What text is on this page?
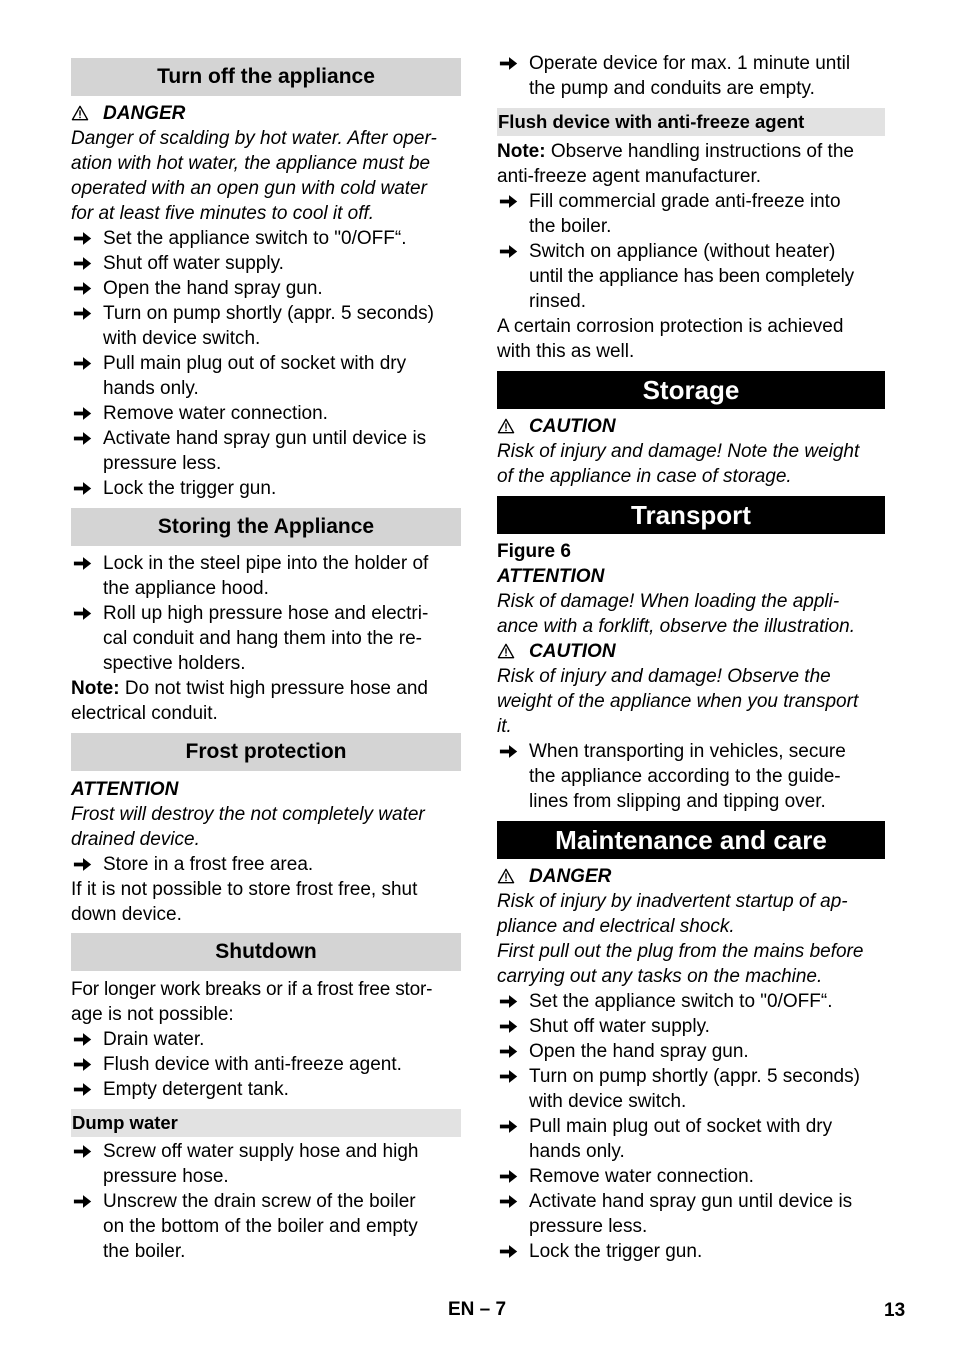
Turn off the appliance
DANGER
Danger of scalding by hot water. After oper-
ation with hot water, the appliance must be
operated with an open gun with cold water
for at least five minutes to cool it off.
Set the appliance switch to "0/OFF“.
Shut off water supply.
Open the hand spray gun.
Turn on pump shortly (appr. 5 seconds)
with device switch.
Pull main plug out of socket with dry
hands only.
Remove water connection.
Activate hand spray gun until device is
pressure less.
Lock the trigger gun.
Storing the Appliance
Lock in the steel pipe into the holder of
the appliance hood.
Roll up high pressure hose and electri-
cal conduit and hang them into the re-
spective holders.
Note: Do not twist high pressure hose and
electrical conduit.
Frost protection
ATTENTION
Frost will destroy the not completely water
drained device.
Store in a frost free area.
If it is not possible to store frost free, shut
down device.
Shutdown
For longer work breaks or if a frost free stor-
age is not possible:
Drain water.
Flush device with anti-freeze agent.
Empty detergent tank.
Dump water
Screw off water supply hose and high
pressure hose.
Unscrew the drain screw of the boiler
on the bottom of the boiler and empty
the boiler.
Operate device for max. 1 minute until
the pump and conduits are empty.
Flush device with anti-freeze agent
Note: Observe handling instructions of the
anti-freeze agent manufacturer.
Fill commercial grade anti-freeze into
the boiler.
Switch on appliance (without heater)
until the appliance has been completely
rinsed.
A certain corrosion protection is achieved
with this as well.
Storage
CAUTION
Risk of injury and damage! Note the weight
of the appliance in case of storage.
Transport
Figure 6
ATTENTION
Risk of damage! When loading the appli-
ance with a forklift, observe the illustration.
CAUTION
Risk of injury and damage! Observe the
weight of the appliance when you transport
it.
When transporting in vehicles, secure
the appliance according to the guide-
lines from slipping and tipping over.
Maintenance and care
DANGER
Risk of injury by inadvertent startup of ap-
pliance and electrical shock.
First pull out the plug from the mains before
carrying out any tasks on the machine.
Set the appliance switch to "0/OFF“.
Shut off water supply.
Open the hand spray gun.
Turn on pump shortly (appr. 5 seconds)
with device switch.
Pull main plug out of socket with dry
hands only.
Remove water connection.
Activate hand spray gun until device is
pressure less.
Lock the trigger gun.
EN – 7	13
